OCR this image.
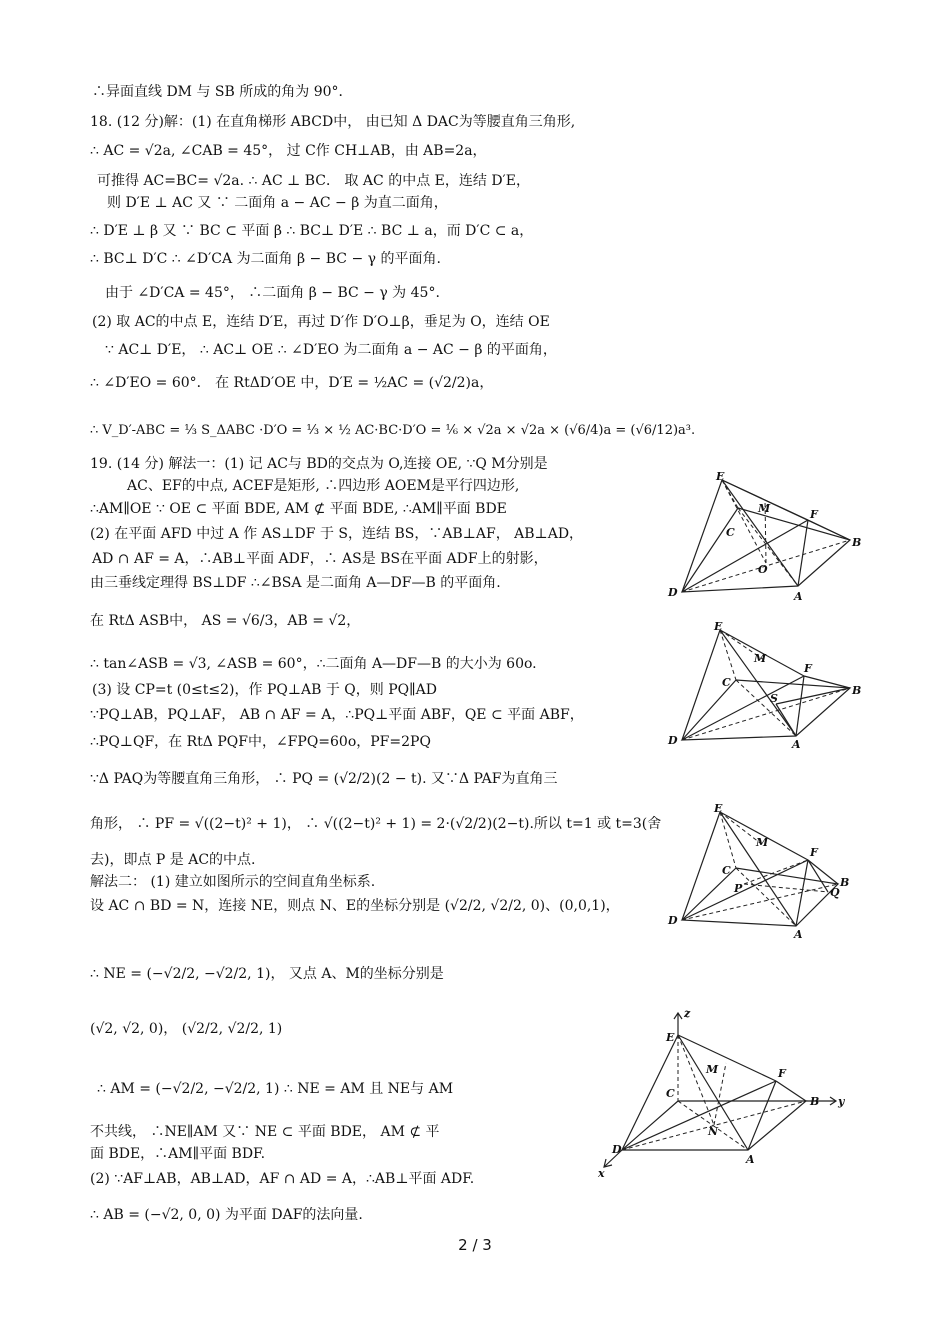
∴异面直线 DM 与 SB 所成的角为 90°．
18. (12 分)解：(1) 在直角梯形 ABCD中， 由已知 Δ DAC为等腰直角三角形,
∴ AC = √2a, ∠CAB = 45°， 过 C作 CH⊥AB，由 AB=2a，
可推得 AC=BC= √2a. ∴ AC ⊥ BC． 取 AC 的中点 E，连结 D′E，
则 D′E ⊥ AC 又 ∵ 二面角 a − AC − β 为直二面角，
∴ D′E ⊥ β 又 ∵ BC ⊂ 平面 β ∴ BC⊥ D′E ∴ BC ⊥ a，而 D′C ⊂ a，
∴ BC⊥ D′C ∴ ∠D′CA 为二面角 β − BC − γ 的平面角.
由于 ∠D′CA = 45°， ∴二面角 β − BC − γ 为 45°.
(2) 取 AC的中点 E，连结 D′E，再过 D′作 D′O⊥β，垂足为 O，连结 OE
∵ AC⊥ D′E， ∴ AC⊥ OE ∴ ∠D′EO 为二面角 a − AC − β 的平面角，
∴ ∠D′EO = 60°． 在 RtΔD′OE 中，D′E = ½AC = (√2/2)a，
∴ V_D′-ABC = ⅓ S_ΔABC ·D′O = ⅓ × ½ AC·BC·D′O = ⅙ × √2a × √2a × (√6/4)a = (√6/12)a³.
19. (14 分) 解法一：(1) 记 AC与 BD的交点为 O,连接 OE, ∵Q M分别是
AC、EF的中点, ACEF是矩形, ∴四边形 AOEM是平行四边形,
∴AM∥OE ∵ OE ⊂ 平面 BDE, AM ⊄ 平面 BDE, ∴AM∥平面 BDE
(2) 在平面 AFD 中过 A 作 AS⊥DF 于 S，连结 BS，∵AB⊥AF， AB⊥AD，
AD ∩ AF = A，∴AB⊥平面 ADF，∴ AS是 BS在平面 ADF上的射影，
由三垂线定理得 BS⊥DF ∴∠BSA 是二面角 A—DF—B 的平面角.
在 RtΔ ASB中， AS = √6/3，AB = √2，
∴ tan∠ASB = √3, ∠ASB = 60°，∴二面角 A—DF—B 的大小为 60o.
(3) 设 CP=t (0≤t≤2)，作 PQ⊥AB 于 Q，则 PQ∥AD
∵PQ⊥AB，PQ⊥AF， AB ∩ AF = A，∴PQ⊥平面 ABF，QE ⊂ 平面 ABF，
∴PQ⊥QF，在 RtΔ PQF中，∠FPQ=60o，PF=2PQ
∵Δ PAQ为等腰直角三角形， ∴ PQ = (√2/2)(2 − t). 又∵Δ PAF为直角三
角形， ∴ PF = √((2−t)² + 1)， ∴ √((2−t)² + 1) = 2·(√2/2)(2−t).所以 t=1 或 t=3(舍
去)，即点 P 是 AC的中点.
解法二： (1) 建立如图所示的空间直角坐标系.
设 AC ∩ BD = N，连接 NE，则点 N、E的坐标分别是 (√2/2, √2/2, 0)、(0,0,1)，
∴ NE = (−√2/2, −√2/2, 1)， 又点 A、M的坐标分别是
(√2, √2, 0)， (√2/2, √2/2, 1)
∴ AM = (−√2/2, −√2/2, 1) ∴ NE = AM 且 NE与 AM
不共线， ∴NE∥AM 又∵ NE ⊂ 平面 BDE， AM ⊄ 平
面 BDE，∴AM∥平面 BDF.
(2) ∵AF⊥AB，AB⊥AD，AF ∩ AD = A，∴AB⊥平面 ADF.
∴ AB = (−√2, 0, 0) 为平面 DAF的法向量.
E
M	F
C
B
O
D	A
E
M
F
C
S
D	A
B
E
M
F
C
P	Q
D
A
B
z
E
M	F
C
B y
N
D
A
x
2 / 3
